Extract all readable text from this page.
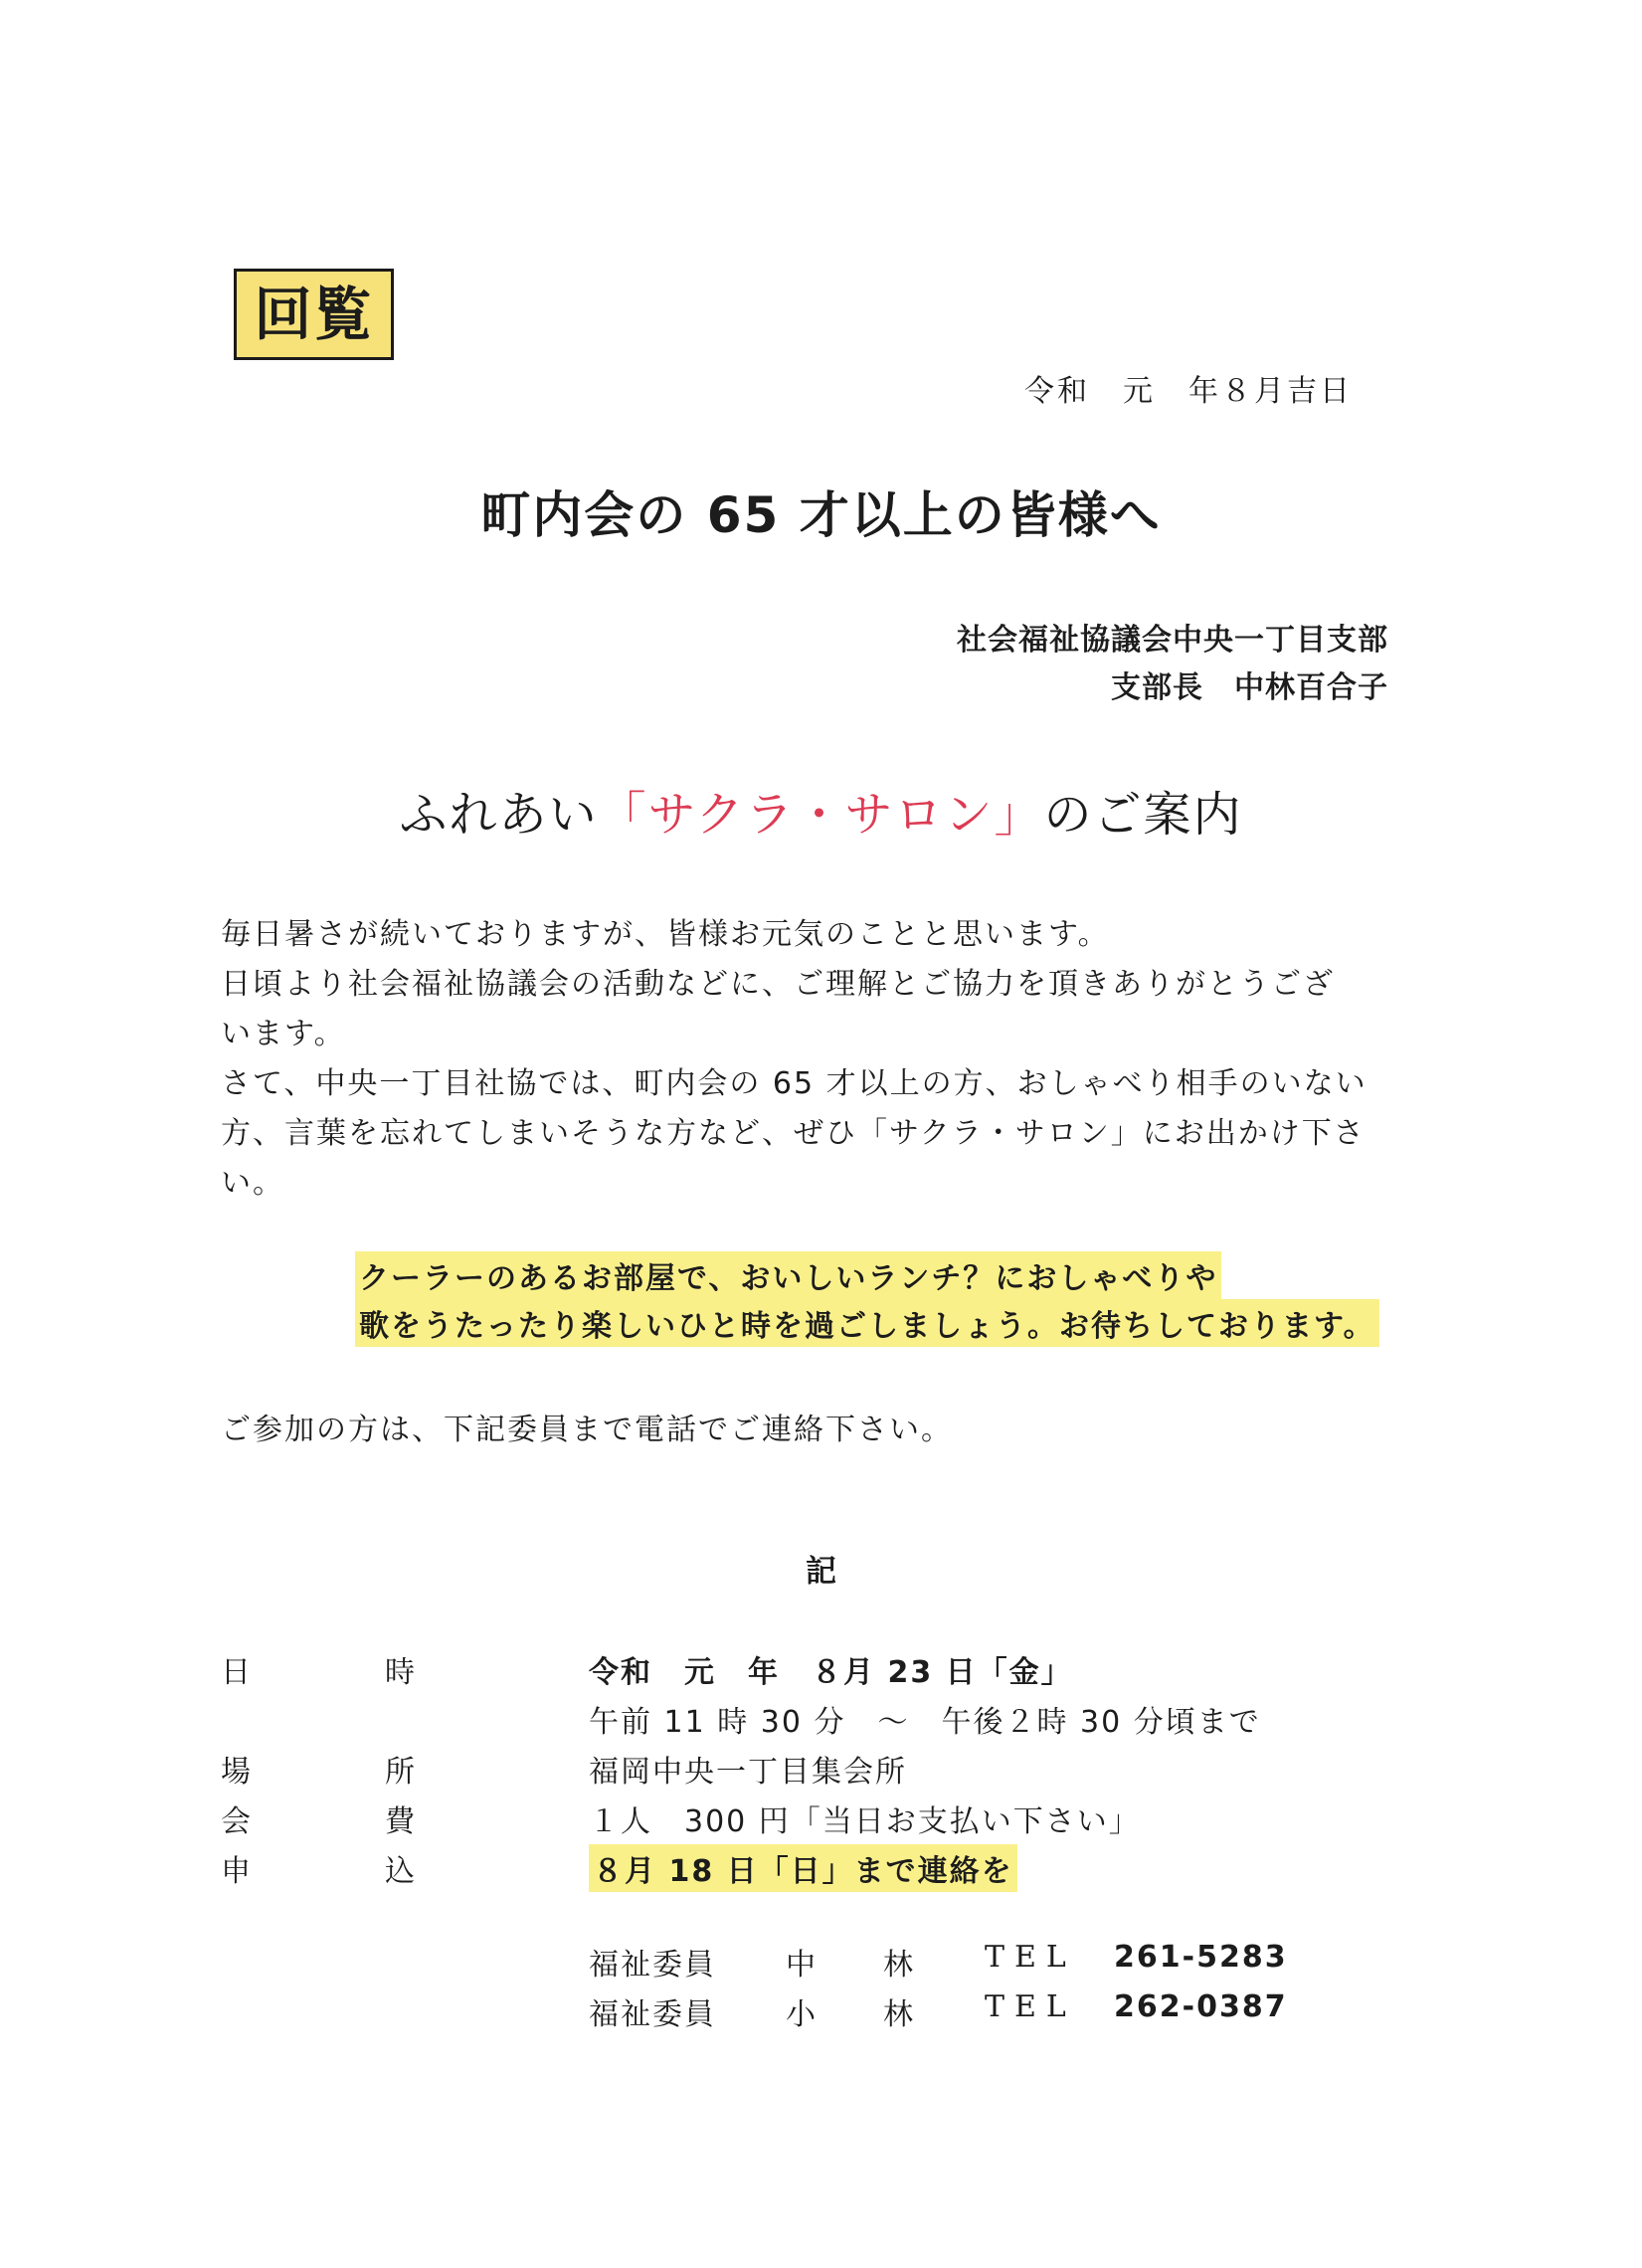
回覧
令和　元　年８月吉日
町内会の 65 才以上の皆様へ
社会福祉協議会中央一丁目支部
支部長　中林百合子
ふれあい「サクラ・サロン」のご案内
毎日暑さが続いておりますが、皆様お元気のことと思います。
日頃より社会福祉協議会の活動などに、ご理解とご協力を頂きありがとうござ
います。
さて、中央一丁目社協では、町内会の 65 才以上の方、おしゃべり相手のいない
方、言葉を忘れてしまいそうな方など、ぜひ「サクラ・サロン」にお出かけ下さ
い。
クーラーのあるお部屋で、おいしいランチ？におしゃべりや
歌をうたったり楽しいひと時を過ごしましょう。お待ちしております。
ご参加の方は、下記委員まで電話でご連絡下さい。
記
日	時	令和　元　年　８月 23 日「金」
午前 11 時 30 分　～　午後２時 30 分頃まで
場	所	福岡中央一丁目集会所
会	費	１人　300 円「当日お支払い下さい」
申	込	８月 18 日「日」まで連絡を
福祉委員 中 林 TEL 261-5283
福祉委員 小 林 TEL 262-0387
